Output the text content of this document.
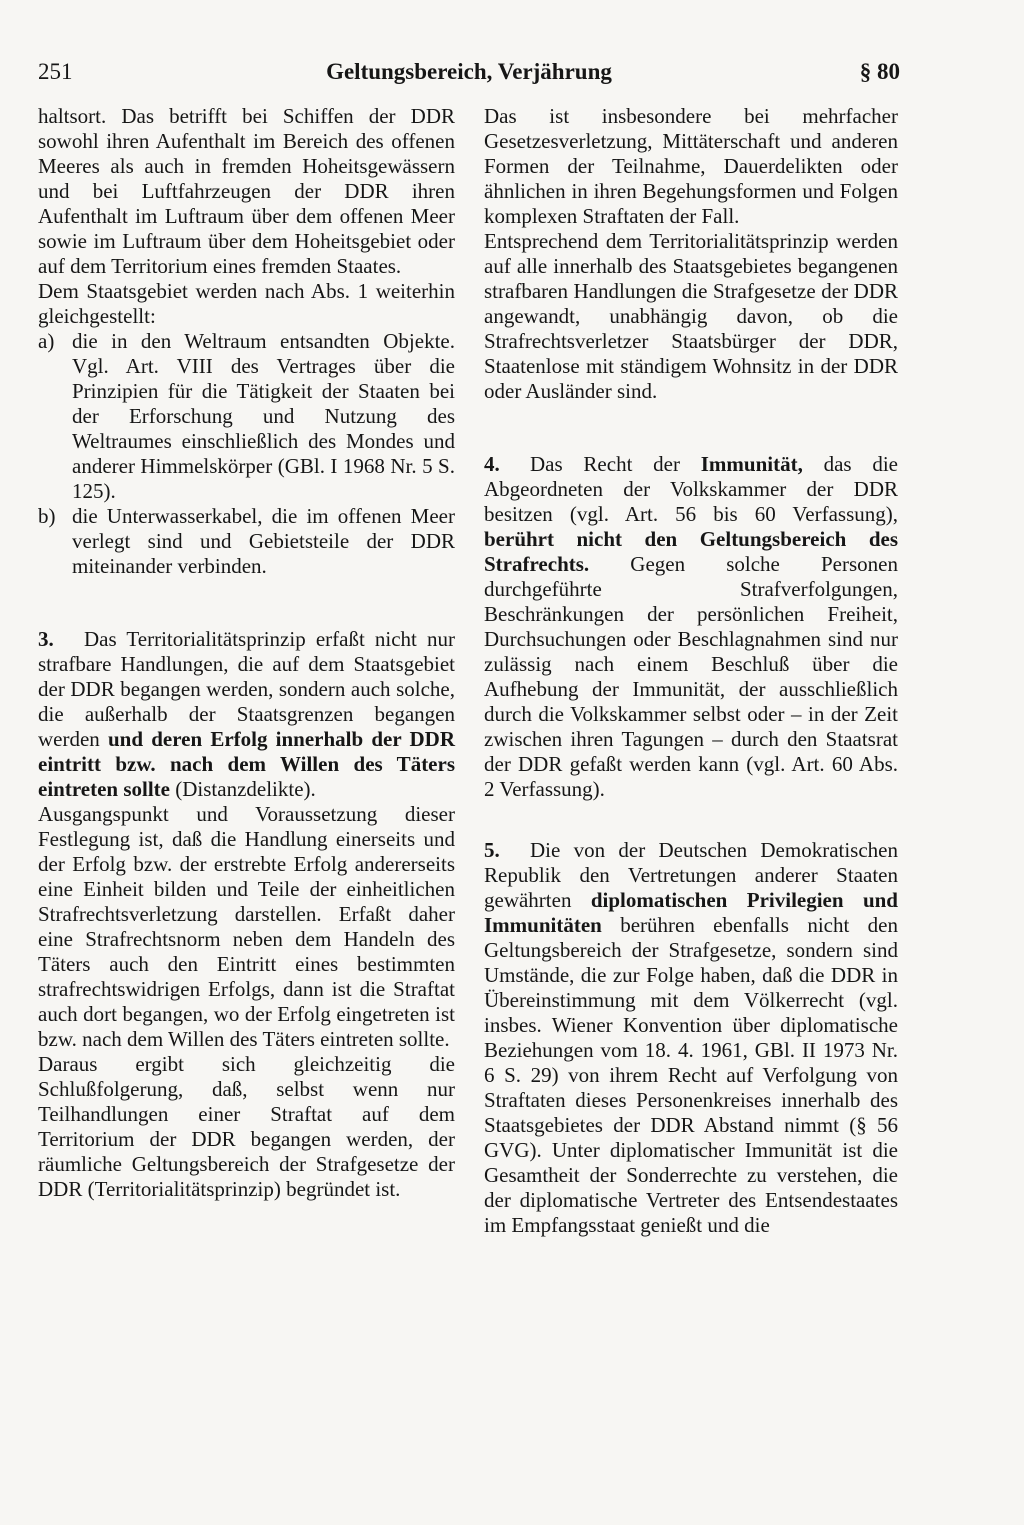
251	Geltungsbereich, Verjährung	§ 80

haltsort. Das betrifft bei Schiffen der DDR sowohl ihren Aufenthalt im Bereich des offenen Meeres als auch in fremden Hoheitsgewässern und bei Luftfahrzeugen der DDR ihren Aufenthalt im Luftraum über dem offenen Meer sowie im Luftraum über dem Hoheitsgebiet oder auf dem Territorium eines fremden Staates.

Dem Staatsgebiet werden nach Abs. 1 weiterhin gleichgestellt:

a) die in den Weltraum entsandten Objekte. Vgl. Art. VIII des Vertrages über die Prinzipien für die Tätigkeit der Staaten bei der Erforschung und Nutzung des Weltraumes einschließlich des Mondes und anderer Himmelskörper (GBl. I 1968 Nr. 5 S. 125).
b) die Unterwasserkabel, die im offenen Meer verlegt sind und Gebietsteile der DDR miteinander verbinden.

3. Das Territorialitätsprinzip erfaßt nicht nur strafbare Handlungen, die auf dem Staatsgebiet der DDR begangen werden, sondern auch solche, die außerhalb der Staatsgrenzen begangen werden und deren Erfolg innerhalb der DDR eintritt bzw. nach dem Willen des Täters eintreten sollte (Distanzdelikte).

Ausgangspunkt und Voraussetzung dieser Festlegung ist, daß die Handlung einerseits und der Erfolg bzw. der erstrebte Erfolg andererseits eine Einheit bilden und Teile der einheitlichen Strafrechtsverletzung darstellen. Erfaßt daher eine Strafrechtsnorm neben dem Handeln des Täters auch den Eintritt eines bestimmten strafrechtswidrigen Erfolgs, dann ist die Straftat auch dort begangen, wo der Erfolg eingetreten ist bzw. nach dem Willen des Täters eintreten sollte.

Daraus ergibt sich gleichzeitig die Schlußfolgerung, daß, selbst wenn nur Teilhandlungen einer Straftat auf dem Territorium der DDR begangen werden, der räumliche Geltungsbereich der Strafgesetze der DDR (Territorialitätsprinzip) begründet ist.

Das ist insbesondere bei mehrfacher Gesetzesverletzung, Mittäterschaft und anderen Formen der Teilnahme, Dauerdelikten oder ähnlichen in ihren Begehungsformen und Folgen komplexen Straftaten der Fall.

Entsprechend dem Territorialitätsprinzip werden auf alle innerhalb des Staatsgebietes begangenen strafbaren Handlungen die Strafgesetze der DDR angewandt, unabhängig davon, ob die Strafrechtsverletzer Staatsbürger der DDR, Staatenlose mit ständigem Wohnsitz in der DDR oder Ausländer sind.

4. Das Recht der Immunität, das die Abgeordneten der Volkskammer der DDR besitzen (vgl. Art. 56 bis 60 Verfassung), berührt nicht den Geltungsbereich des Strafrechts. Gegen solche Personen durchgeführte Strafverfolgungen, Beschränkungen der persönlichen Freiheit, Durchsuchungen oder Beschlagnahmen sind nur zulässig nach einem Beschluß über die Aufhebung der Immunität, der ausschließlich durch die Volkskammer selbst oder – in der Zeit zwischen ihren Tagungen – durch den Staatsrat der DDR gefaßt werden kann (vgl. Art. 60 Abs. 2 Verfassung).

5. Die von der Deutschen Demokratischen Republik den Vertretungen anderer Staaten gewährten diplomatischen Privilegien und Immunitäten berühren ebenfalls nicht den Geltungsbereich der Strafgesetze, sondern sind Umstände, die zur Folge haben, daß die DDR in Übereinstimmung mit dem Völkerrecht (vgl. insbes. Wiener Konvention über diplomatische Beziehungen vom 18. 4. 1961, GBl. II 1973 Nr. 6 S. 29) von ihrem Recht auf Verfolgung von Straftaten dieses Personenkreises innerhalb des Staatsgebietes der DDR Abstand nimmt (§ 56 GVG). Unter diplomatischer Immunität ist die Gesamtheit der Sonderrechte zu verstehen, die der diplomatische Vertreter des Entsendestaates im Empfangsstaat genießt und die
